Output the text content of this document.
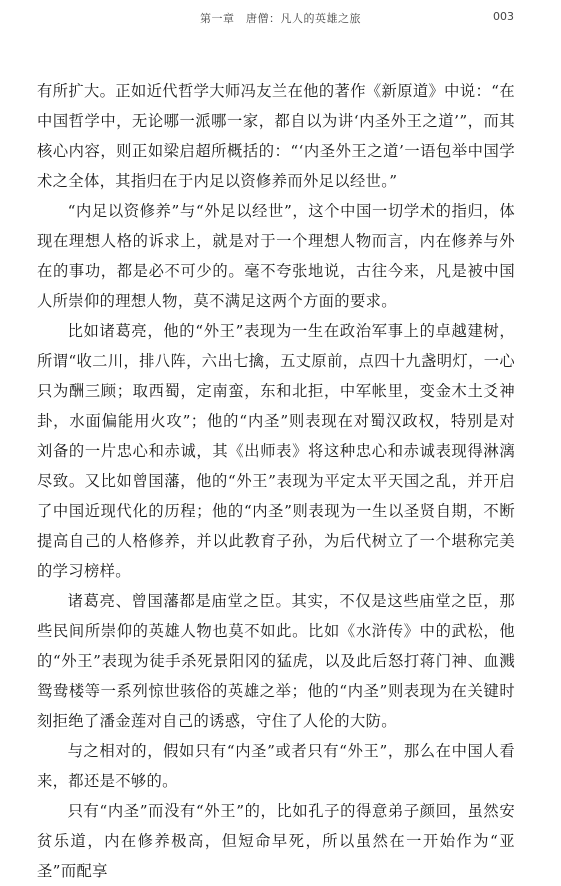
第一章　唐僧：凡人的英雄之旅	003

有所扩大。正如近代哲学大师冯友兰在他的著作《新原道》中说：“在中国哲学中，无论哪一派哪一家，都自以为讲‘内圣外王之道’”，而其核心内容，则正如梁启超所概括的：“‘内圣外王之道’一语包举中国学术之全体，其指归在于内足以资修养而外足以经世。”

“内足以资修养”与“外足以经世”，这个中国一切学术的指归，体现在理想人格的诉求上，就是对于一个理想人物而言，内在修养与外在的事功，都是必不可少的。毫不夸张地说，古往今来，凡是被中国人所崇仰的理想人物，莫不满足这两个方面的要求。

比如诸葛亮，他的“外王”表现为一生在政治军事上的卓越建树，所谓“收二川，排八阵，六出七擒，五丈原前，点四十九盏明灯，一心只为酬三顾；取西蜀，定南蛮，东和北拒，中军帐里，变金木土爻神卦，水面偏能用火攻”；他的“内圣”则表现在对蜀汉政权，特别是对刘备的一片忠心和赤诚，其《出师表》将这种忠心和赤诚表现得淋漓尽致。又比如曾国藩，他的“外王”表现为平定太平天国之乱，并开启了中国近现代化的历程；他的“内圣”则表现为一生以圣贤自期，不断提高自己的人格修养，并以此教育子孙，为后代树立了一个堪称完美的学习榜样。

诸葛亮、曾国藩都是庙堂之臣。其实，不仅是这些庙堂之臣，那些民间所崇仰的英雄人物也莫不如此。比如《水浒传》中的武松，他的“外王”表现为徒手杀死景阳冈的猛虎，以及此后怒打蒋门神、血溅鸳鸯楼等一系列惊世骇俗的英雄之举；他的“内圣”则表现为在关键时刻拒绝了潘金莲对自己的诱惑，守住了人伦的大防。

与之相对的，假如只有“内圣”或者只有“外王”，那么在中国人看来，都还是不够的。

只有“内圣”而没有“外王”的，比如孔子的得意弟子颜回，虽然安贫乐道，内在修养极高，但短命早死，所以虽然在一开始作为“亚圣”而配享
